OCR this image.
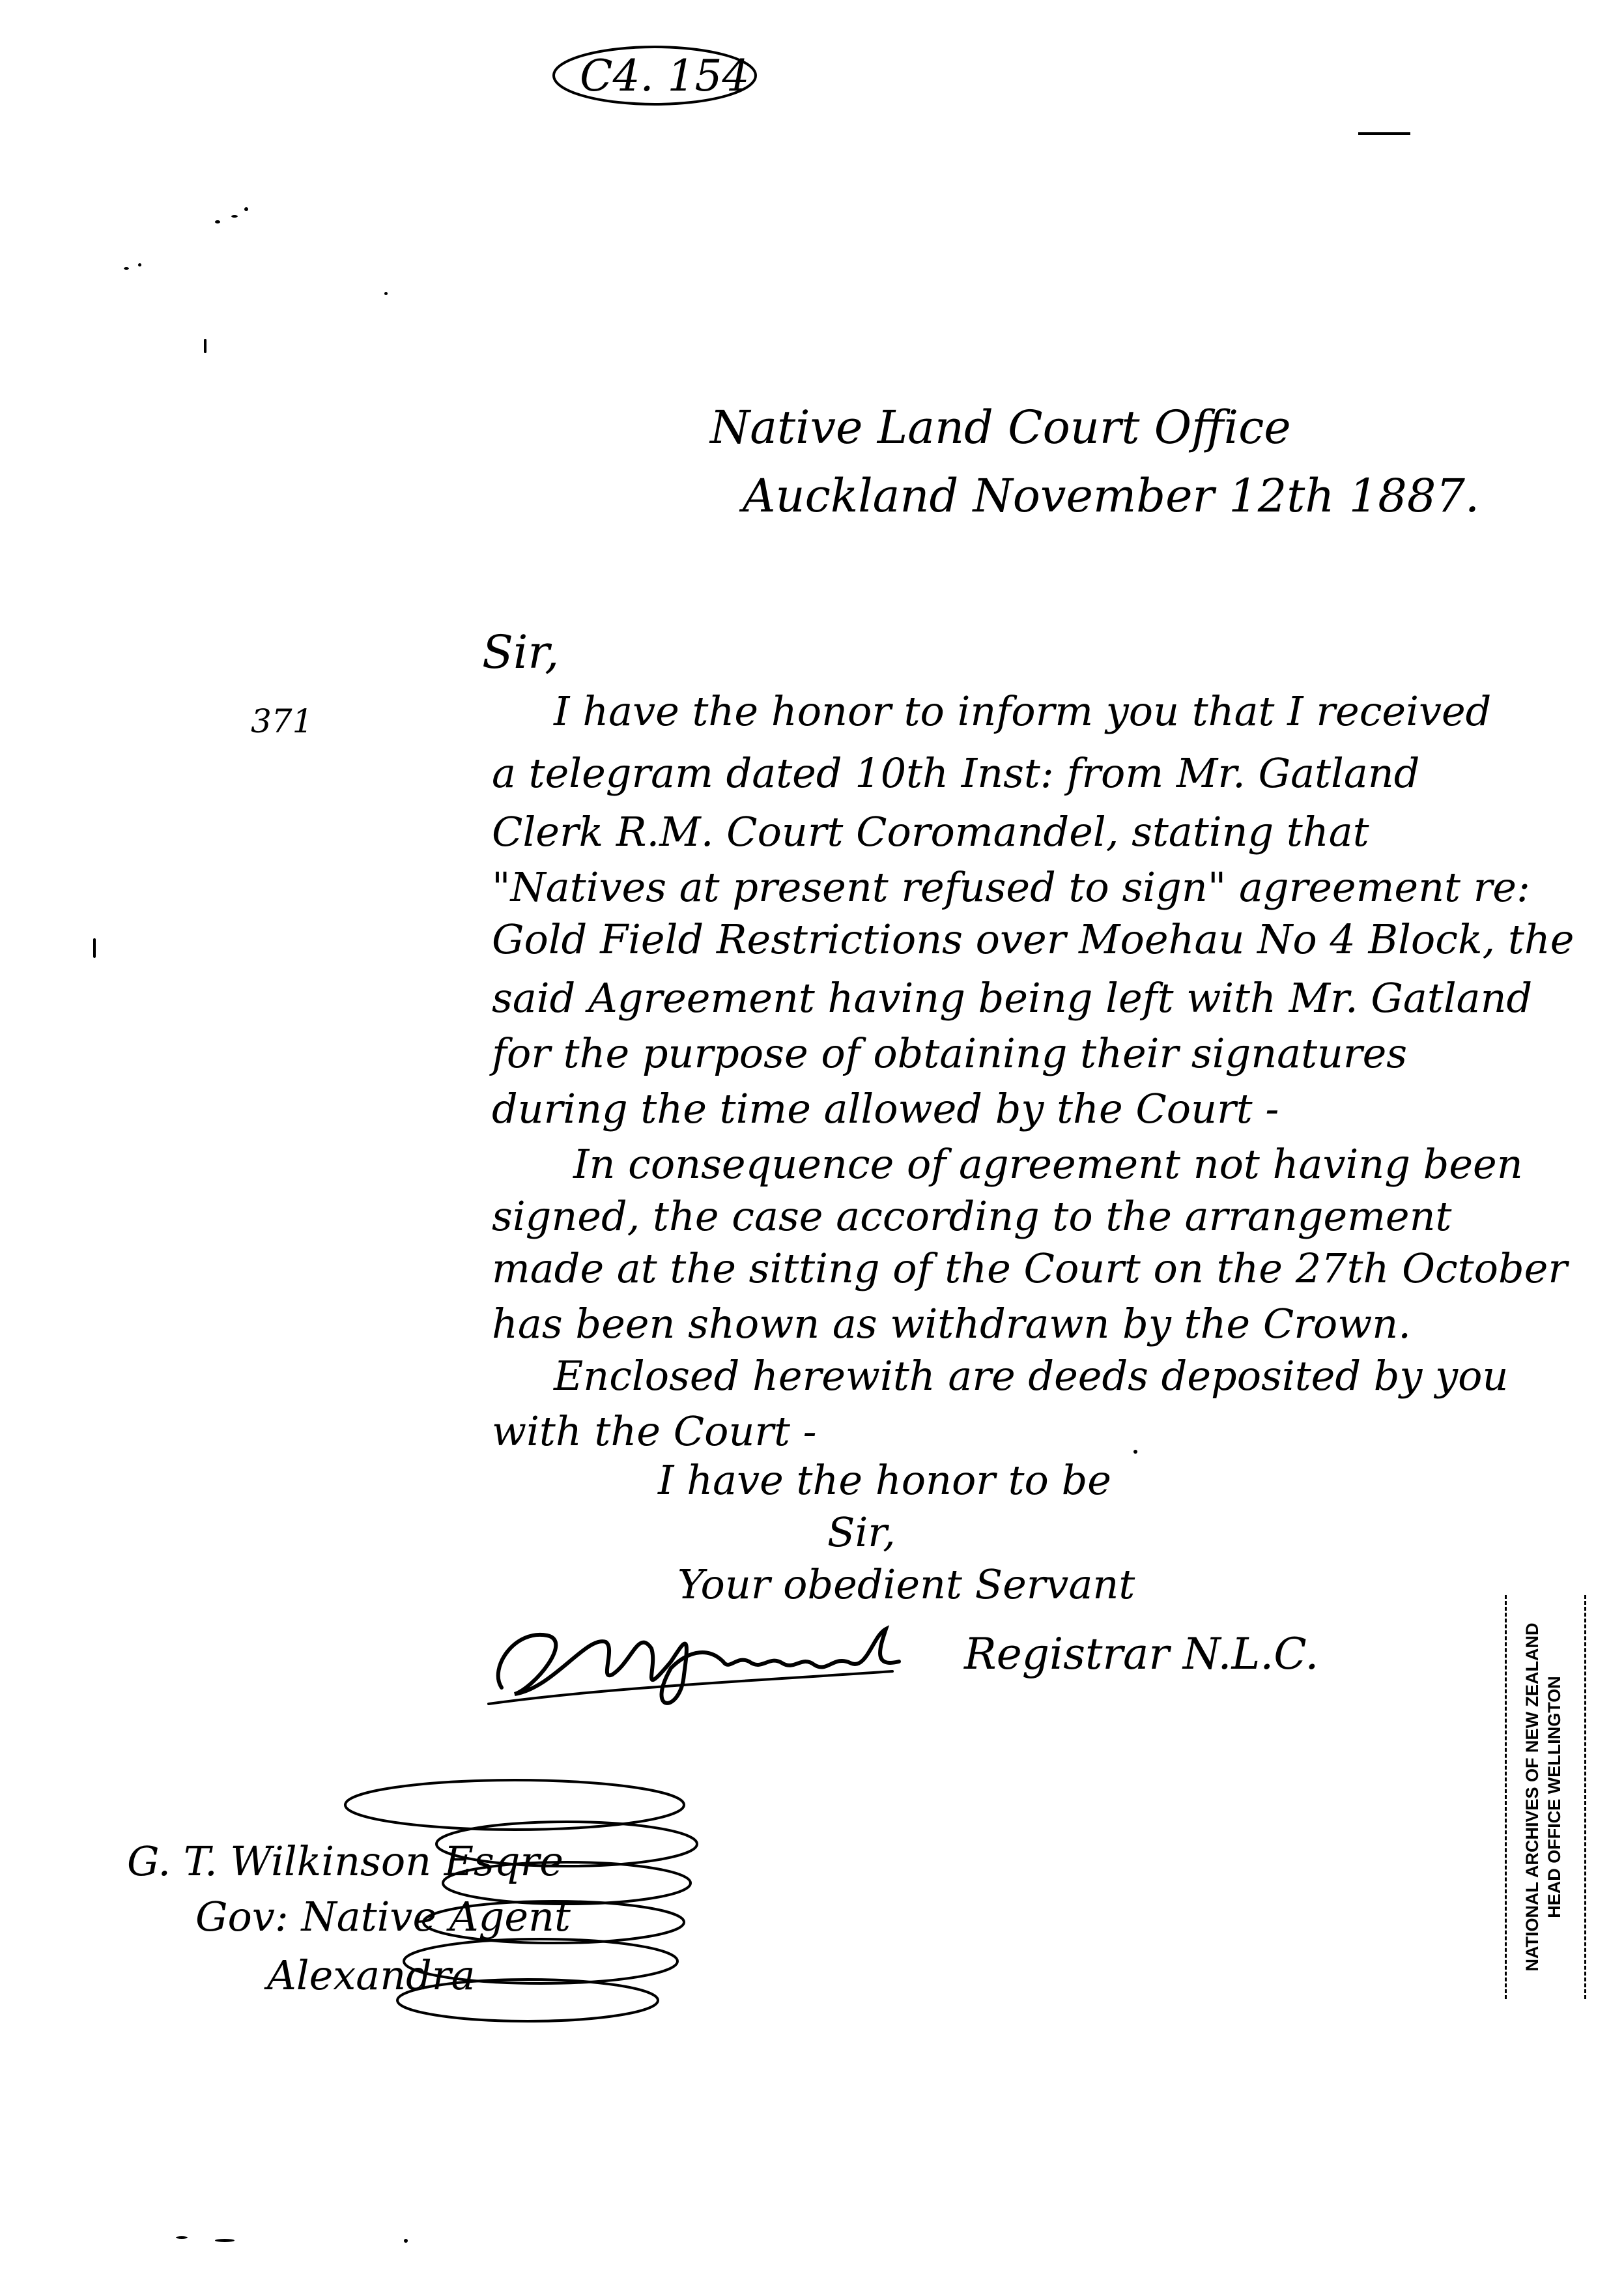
C4. 154
Native Land Court Office
Auckland November 12th 1887.
371
Sir,
I have the honor to inform you that I received
a telegram dated 10th Inst: from Mr. Gatland
Clerk R.M. Court Coromandel, stating that
"Natives at present refused to sign" agreement re:
Gold Field Restrictions over Moehau No 4 Block, the
said Agreement having being left with Mr. Gatland
for the purpose of obtaining their signatures
during the time allowed by the Court -
In consequence of agreement not having been
signed, the case according to the arrangement
made at the sitting of the Court on the 27th October
has been shown as withdrawn by the Crown.
Enclosed herewith are deeds deposited by you
with the Court -
I have the honor to be
Sir,
Your obedient Servant
Registrar N.L.C.
G. T. Wilkinson Esqre
Gov: Native Agent
Alexandra
NATIONAL ARCHIVES OF NEW ZEALAND HEAD OFFICE WELLINGTON
